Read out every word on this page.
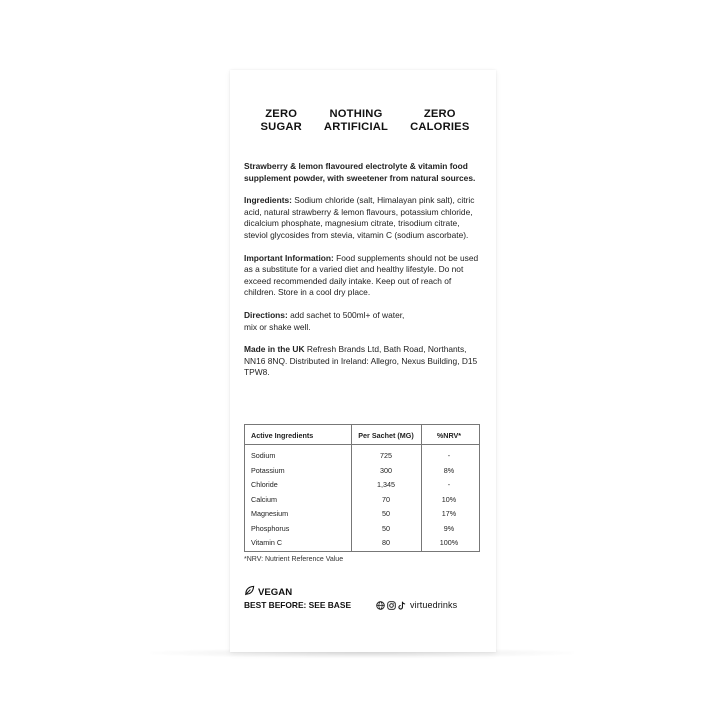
ZERO
SUGAR
NOTHING
ARTIFICIAL
ZERO
CALORIES

Strawberry & lemon flavoured electrolyte & vitamin food supplement powder, with sweetener from natural sources.

Ingredients: Sodium chloride (salt, Himalayan pink salt), citric acid, natural strawberry & lemon flavours, potassium chloride, dicalcium phosphate, magnesium citrate, trisodium citrate, steviol glycosides from stevia, vitamin C (sodium ascorbate).

Important Information: Food supplements should not be used as a substitute for a varied diet and healthy lifestyle. Do not exceed recommended daily intake. Keep out of reach of children. Store in a cool dry place.

Directions: add sachet to 500ml+ of water,
mix or shake well.

Made in the UK Refresh Brands Ltd, Bath Road, Northants, NN16 8NQ. Distributed in Ireland: Allegro, Nexus Building, D15 TPW8.

Active Ingredients	Per Sachet (MG)	%NRV*
Sodium	725	-
Potassium	300	8%
Chloride	1,345	-
Calcium	70	10%
Magnesium	50	17%
Phosphorus	50	9%
Vitamin C	80	100%
*NRV: Nutrient Reference Value
VEGAN
BEST BEFORE: SEE BASE	virtuedrinks
